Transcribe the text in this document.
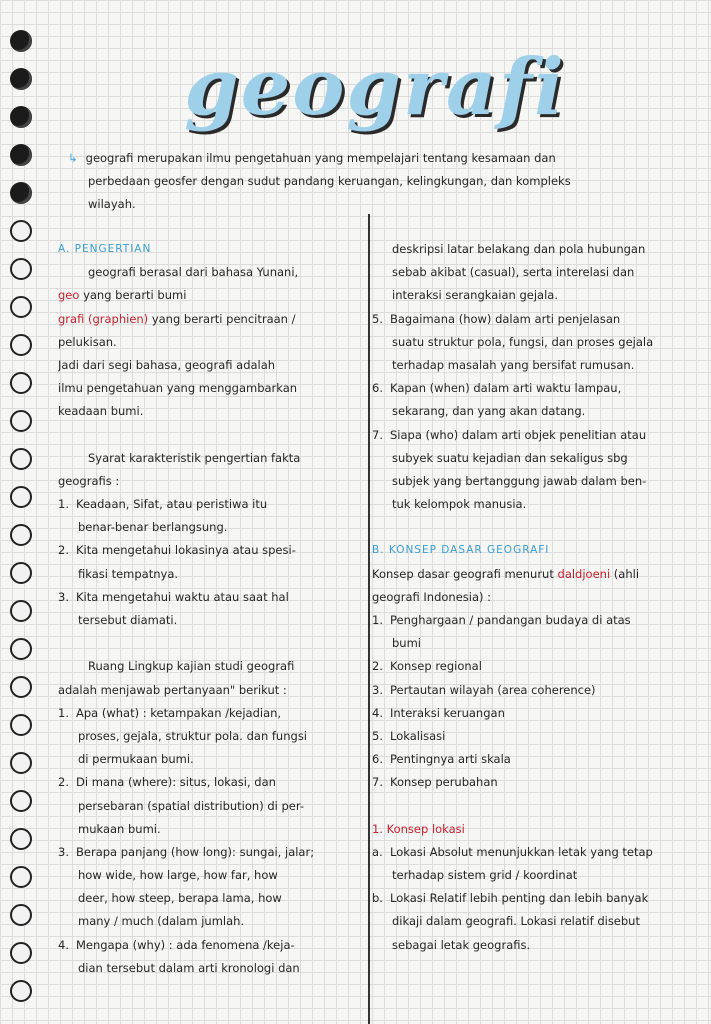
geografi
↳ geografi merupakan ilmu pengetahuan yang mempelajari tentang kesamaan dan
perbedaan geosfer dengan sudut pandang keruangan, kelingkungan, dan kompleks
wilayah.
A. PENGERTIAN
geografi berasal dari bahasa Yunani,
geo yang berarti bumi
grafi (graphien) yang berarti pencitraan /
pelukisan.
Jadi dari segi bahasa, geografi adalah
ilmu pengetahuan yang menggambarkan
keadaan bumi.
Syarat karakteristik pengertian fakta
geografis :
1. Keadaan, Sifat, atau peristiwa itu
benar-benar berlangsung.
2. Kita mengetahui lokasinya atau spesi-
fikasi tempatnya.
3. Kita mengetahui waktu atau saat hal
tersebut diamati.
Ruang Lingkup kajian studi geografi
adalah menjawab pertanyaan" berikut :
1. Apa (what) : ketampakan /kejadian,
proses, gejala, struktur pola. dan fungsi
di permukaan bumi.
2. Di mana (where): situs, lokasi, dan
persebaran (spatial distribution) di per-
mukaan bumi.
3. Berapa panjang (how long): sungai, jalar;
how wide, how large, how far, how
deer, how steep, berapa lama, how
many / much (dalam jumlah.
4. Mengapa (why) : ada fenomena /keja-
dian tersebut dalam arti kronologi dan
deskripsi latar belakang dan pola hubungan
sebab akibat (casual), serta interelasi dan
interaksi serangkaian gejala.
5. Bagaimana (how) dalam arti penjelasan
suatu struktur pola, fungsi, dan proses gejala
terhadap masalah yang bersifat rumusan.
6. Kapan (when) dalam arti waktu lampau,
sekarang, dan yang akan datang.
7. Siapa (who) dalam arti objek penelitian atau
subyek suatu kejadian dan sekaligus sbg
subjek yang bertanggung jawab dalam ben-
tuk kelompok manusia.
B. KONSEP DASAR GEOGRAFI
Konsep dasar geografi menurut daldjoeni (ahli
geografi Indonesia) :
1. Penghargaan / pandangan budaya di atas
bumi
2. Konsep regional
3. Pertautan wilayah (area coherence)
4. Interaksi keruangan
5. Lokalisasi
6. Pentingnya arti skala
7. Konsep perubahan
1. Konsep lokasi
a. Lokasi Absolut menunjukkan letak yang tetap
terhadap sistem grid / koordinat
b. Lokasi Relatif lebih penting dan lebih banyak
dikaji dalam geografi. Lokasi relatif disebut
sebagai letak geografis.
